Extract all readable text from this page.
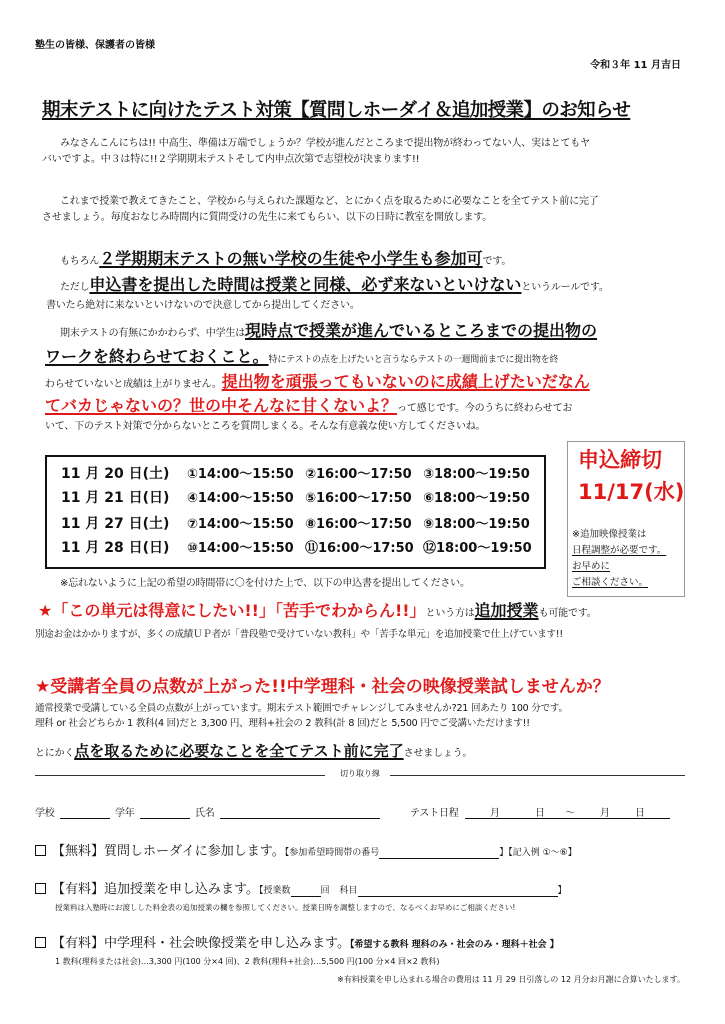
塾生の皆様、保護者の皆様
令和３年 11 月吉日
期末テストに向けたテスト対策【質問しホーダイ＆追加授業】のお知らせ
みなさんこんにちは!! 中高生、準備は万端でしょうか？学校が進んだところまで提出物が終わってない人、実はとてもヤ
バいですよ。中３は特に!!２学期期末テストそして内申点次第で志望校が決まります!!
これまで授業で教えてきたこと、学校から与えられた課題など、とにかく点を取るために必要なことを全てテスト前に完了
させましょう。毎度おなじみ時間内に質問受けの先生に来てもらい、以下の日時に教室を開放します。
もちろん２学期期末テストの無い学校の生徒や小学生も参加可です。
ただし申込書を提出した時間は授業と同様、必ず来ないといけないというルールです。
書いたら絶対に来ないといけないので決意してから提出してください。
期末テストの有無にかかわらず、中学生は現時点で授業が進んでいるところまでの提出物の
ワークを終わらせておくこと。特にテストの点を上げたいと言うならテストの一週間前までに提出物を終
わらせていないと成績は上がりません。提出物を頑張ってもいないのに成績上げたいだなん
てバカじゃないの？世の中そんなに甘くないよ？って感じです。今のうちに終わらせてお
いて、下のテスト対策で分からないところを質問しまくる。そんな有意義な使い方してくださいね。
11 月 20 日(土)	①14:00～15:50 ②16:00～17:50 ③18:00～19:50
11 月 21 日(日)	④14:00～15:50 ⑤16:00～17:50 ⑥18:00～19:50
11 月 27 日(土)	⑦14:00～15:50 ⑧16:00～17:50 ⑨18:00～19:50
11 月 28 日(日)	⑩14:00～15:50 ⑪16:00～17:50 ⑫18:00～19:50
申込締切
11/17(水)
※追加映像授業は
日程調整が必要です。
お早めに
ご相談ください。
※忘れないように上記の希望の時間帯に〇を付けた上で、以下の申込書を提出してください。
★「この単元は得意にしたい!!」「苦手でわからん!!」という方は追加授業も可能です。
別途お金はかかりますが、多くの成績ＵＰ者が「普段塾で受けていない教科」や「苦手な単元」を追加授業で仕上げています!!
★受講者全員の点数が上がった!!中学理科・社会の映像授業試しませんか？
通常授業で受講している全員の点数が上がっています。期末テスト範囲でチャレンジしてみませんか?21 回あたり 100 分です。
理科 or 社会どちらか 1 教科(4 回)だと 3,300 円、理科+社会の 2 教科(計 8 回)だと 5,500 円でご受講いただけます!!
とにかく点を取るために必要なことを全てテスト前に完了させましょう。
切り取り線
学校	学年	氏名	テスト日程	月	日 ～	月	日
【無料】質問しホーダイに参加します。【参加希望時間帯の番号	】【記入例 ①～⑥】
【有料】追加授業を申し込みます。【授業数	回 科目	】
授業料は入塾時にお渡しした料金表の追加授業の欄を参照してください。授業日時を調整しますので、なるべくお早めにご相談ください!
【有料】中学理科・社会映像授業を申し込みます。【希望する教科 理科のみ・社会のみ・理科＋社会 】
1 教科(理科または社会)…3,300 円(100 分×4 回)、2 教科(理科+社会)…5,500 円(100 分×4 回×2 教科)
※有料授業を申し込まれる場合の費用は 11 月 29 日引落しの 12 月分お月謝に合算いたします。
